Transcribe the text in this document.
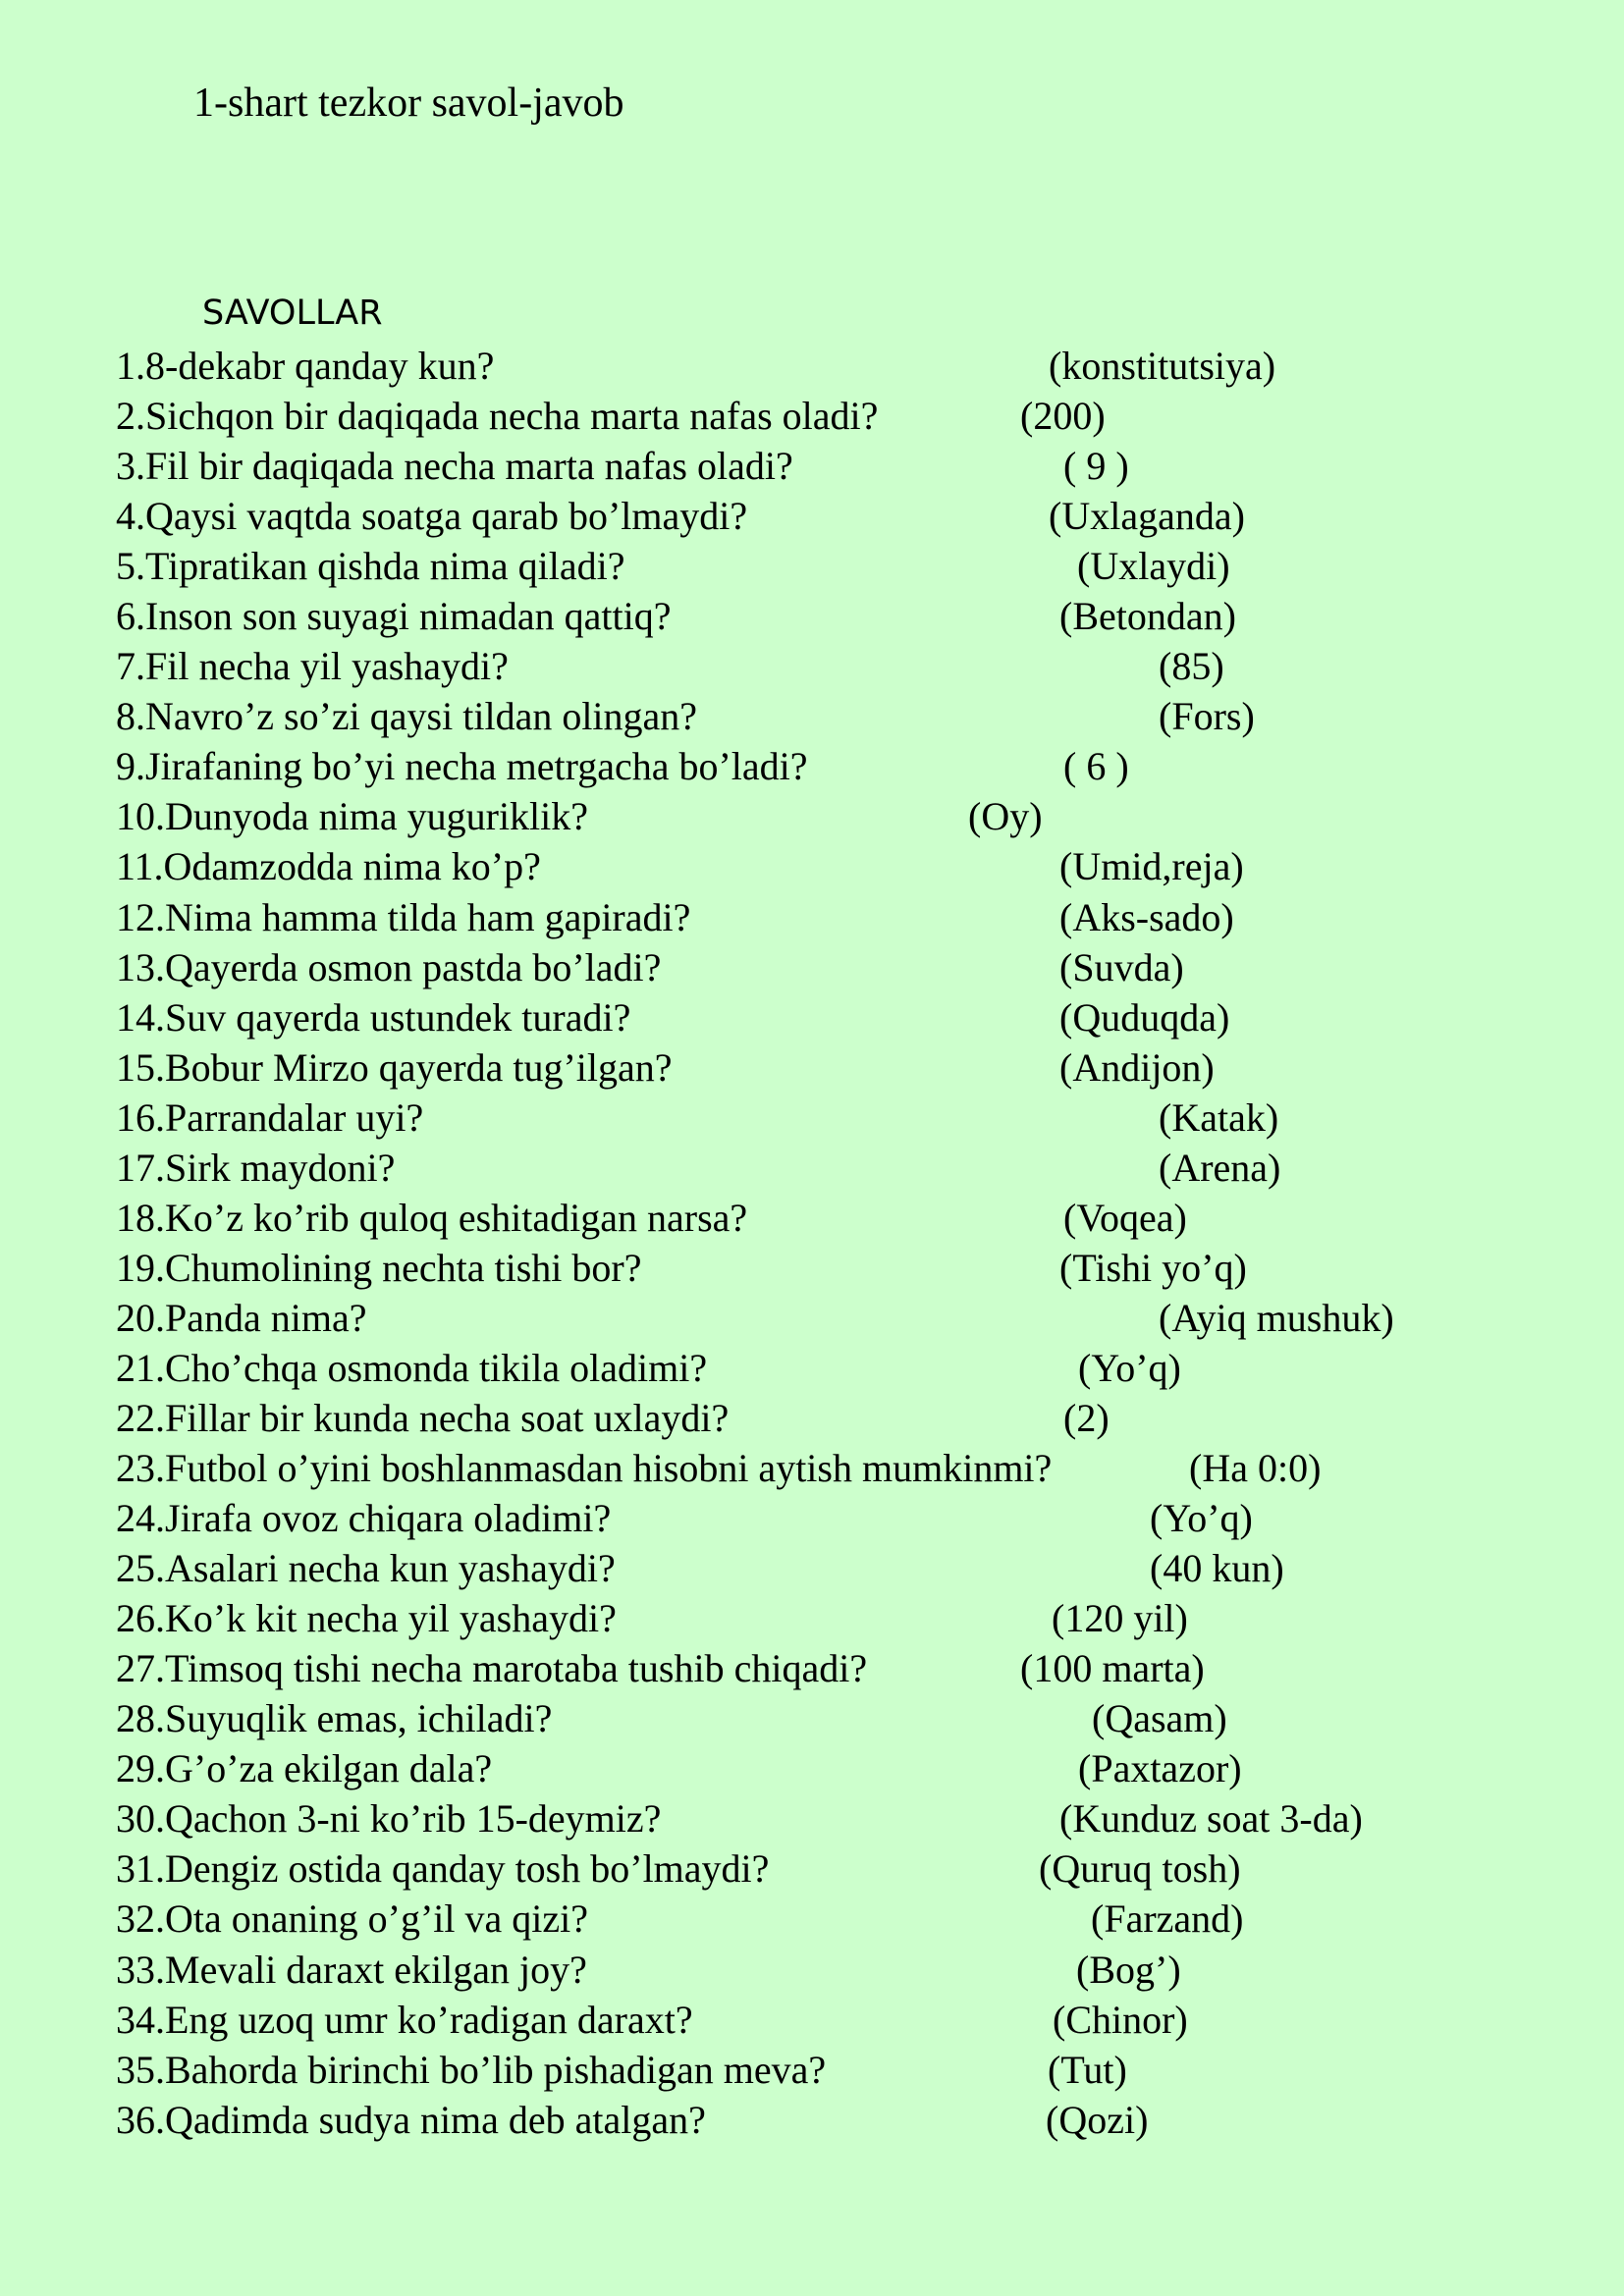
1-shart tezkor savol-javob
SAVOLLAR
1.8-dekabr qanday kun?	(konstitutsiya)
2.Sichqon bir daqiqada necha marta nafas oladi?	(200)
3.Fil bir daqiqada necha marta nafas oladi?	( 9 )
4.Qaysi vaqtda soatga qarab bo’lmaydi?	(Uxlaganda)
5.Tipratikan qishda nima qiladi?	(Uxlaydi)
6.Inson son suyagi nimadan qattiq?	(Betondan)
7.Fil necha yil yashaydi?	(85)
8.Navro’z so’zi qaysi tildan olingan?	(Fors)
9.Jirafaning bo’yi necha metrgacha bo’ladi?	( 6 )
10.Dunyoda nima yuguriklik?	(Oy)
11.Odamzodda nima ko’p?	(Umid,reja)
12.Nima hamma tilda ham gapiradi?	(Aks-sado)
13.Qayerda osmon pastda bo’ladi?	(Suvda)
14.Suv qayerda ustundek turadi?	(Quduqda)
15.Bobur Mirzo qayerda tug’ilgan?	(Andijon)
16.Parrandalar uyi?	(Katak)
17.Sirk maydoni?	(Arena)
18.Ko’z ko’rib quloq eshitadigan narsa?	(Voqea)
19.Chumolining nechta tishi bor?	(Tishi yo’q)
20.Panda nima?	(Ayiq mushuk)
21.Cho’chqa osmonda tikila oladimi?	(Yo’q)
22.Fillar bir kunda necha soat uxlaydi?	(2)
23.Futbol o’yini boshlanmasdan hisobni aytish mumkinmi?	(Ha 0:0)
24.Jirafa ovoz chiqara oladimi?	(Yo’q)
25.Asalari necha kun yashaydi?	(40 kun)
26.Ko’k kit necha yil yashaydi?	(120 yil)
27.Timsoq tishi necha marotaba tushib chiqadi?	(100 marta)
28.Suyuqlik emas, ichiladi?	(Qasam)
29.G’o’za ekilgan dala?	(Paxtazor)
30.Qachon 3-ni ko’rib 15-deymiz?	(Kunduz soat 3-da)
31.Dengiz ostida qanday tosh bo’lmaydi?	(Quruq tosh)
32.Ota onaning o’g’il va qizi?	(Farzand)
33.Mevali daraxt ekilgan joy?	(Bog’)
34.Eng uzoq umr ko’radigan daraxt?	(Chinor)
35.Bahorda birinchi bo’lib pishadigan meva?	(Tut)
36.Qadimda sudya nima deb atalgan?	(Qozi)
